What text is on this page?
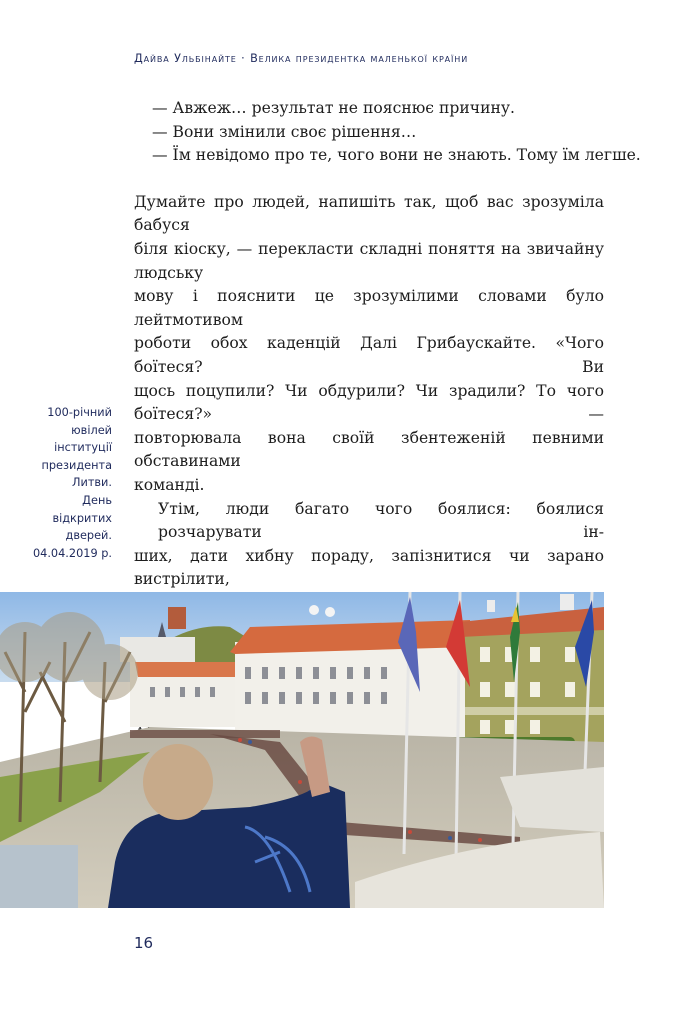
Дайва Ульбінайте · Велика президентка маленької країни
— Авжеж… результат не пояснює причину.
— Вони змінили своє рішення…
— Їм невідомо про те, чого вони не знають. Тому їм легше.
Думайте про людей, напишіть так, щоб вас зрозуміла бабуся
біля кіоску, — перекласти складні поняття на звичайну людську
мову і пояснити це зрозумілими словами було лейтмотивом
роботи обох каденцій Далі Грибаускайте. «Чого боїтеся? Ви
щось поцупили? Чи обдурили? Чи зрадили? То чого боїтеся?» —
повторювала вона своїй збентеженій певними обставинами
команді.
Утім, люди багато чого боялися: боялися розчарувати ін-
ших, дати хибну пораду, запізнитися чи зарано вистрілити,
100-річний
ювілей
інституції
президента
Литви.
День
відкритих
дверей.
04.04.2019 р.
16
